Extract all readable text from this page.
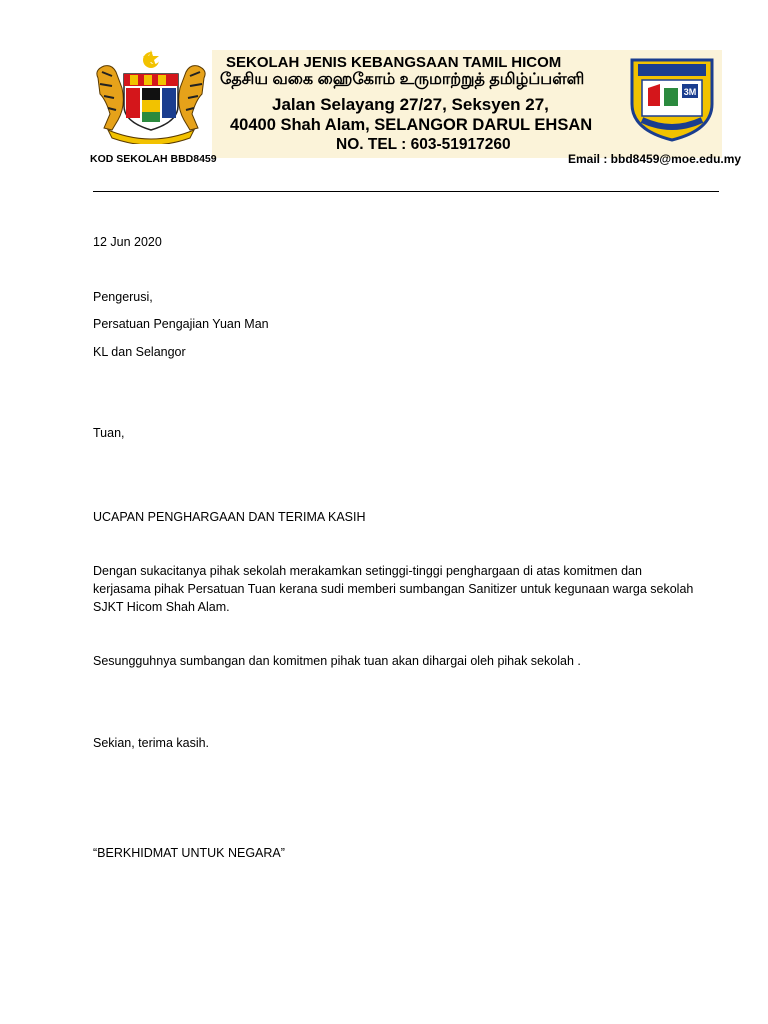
SEKOLAH JENIS KEBANGSAAN TAMIL HICOM
தேசிய வகை ஹைகோம் உருமாற்றுத் தமிழ்ப்பள்ளி
Jalan Selayang 27/27, Seksyen 27,
40400 Shah Alam, SELANGOR DARUL EHSAN
NO. TEL : 603-51917260
3M
KOD SEKOLAH BBD8459	Email : bbd8459@moe.edu.my
12 Jun 2020
Pengerusi,
Persatuan Pengajian Yuan Man
KL dan Selangor
Tuan,
UCAPAN PENGHARGAAN DAN TERIMA KASIH
Dengan sukacitanya pihak sekolah merakamkan setinggi-tinggi penghargaan di atas komitmen dan
kerjasama pihak Persatuan Tuan kerana sudi memberi sumbangan Sanitizer untuk kegunaan warga sekolah
SJKT Hicom Shah Alam.
Sesungguhnya sumbangan dan komitmen pihak tuan akan dihargai oleh pihak sekolah .
Sekian, terima kasih.
“BERKHIDMAT UNTUK NEGARA”
